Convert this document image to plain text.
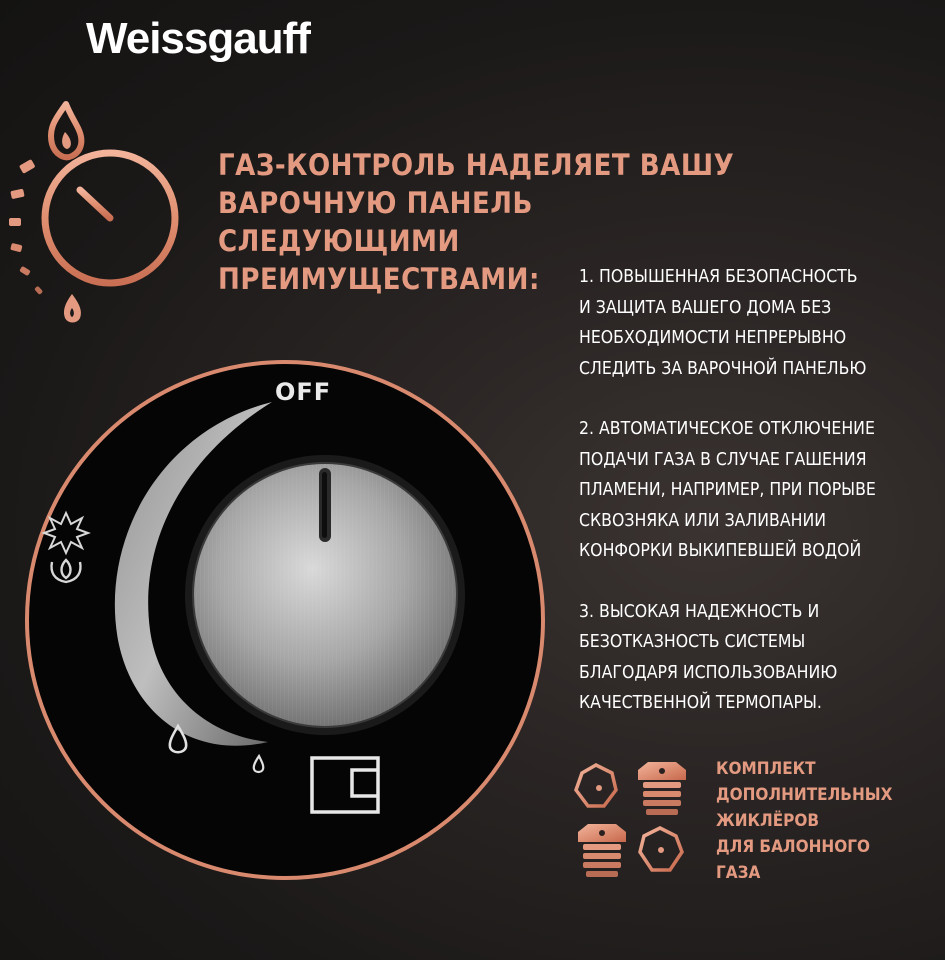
OFF
Weissgauff
ГАЗ-КОНТРОЛЬ НАДЕЛЯЕТ ВАШУ ВАРОЧНУЮ ПАНЕЛЬ СЛЕДУЮЩИМИ ПРЕИМУЩЕСТВАМИ:	1. ПОВЫШЕННАЯ БЕЗОПАСНОСТЬ
И ЗАЩИТА ВАШЕГО ДОМА БЕЗ
НЕОБХОДИМОСТИ НЕПРЕРЫВНО
СЛЕДИТЬ ЗА ВАРОЧНОЙ ПАНЕЛЬЮ
2. АВТОМАТИЧЕСКОЕ ОТКЛЮЧЕНИЕ
ПОДАЧИ ГАЗА В СЛУЧАЕ ГАШЕНИЯ
ПЛАМЕНИ, НАПРИМЕР, ПРИ ПОРЫВЕ
СКВОЗНЯКА ИЛИ ЗАЛИВАНИИ
КОНФОРКИ ВЫКИПЕВШЕЙ ВОДОЙ
3. ВЫСОКАЯ НАДЕЖНОСТЬ И
БЕЗОТКАЗНОСТЬ СИСТЕМЫ
БЛАГОДАРЯ ИСПОЛЬЗОВАНИЮ
КАЧЕСТВЕННОЙ ТЕРМОПАРЫ.
КОМПЛЕКТ
ДОПОЛНИТЕЛЬНЫХ
ЖИКЛЁРОВ
ДЛЯ БАЛОННОГО
ГАЗА
